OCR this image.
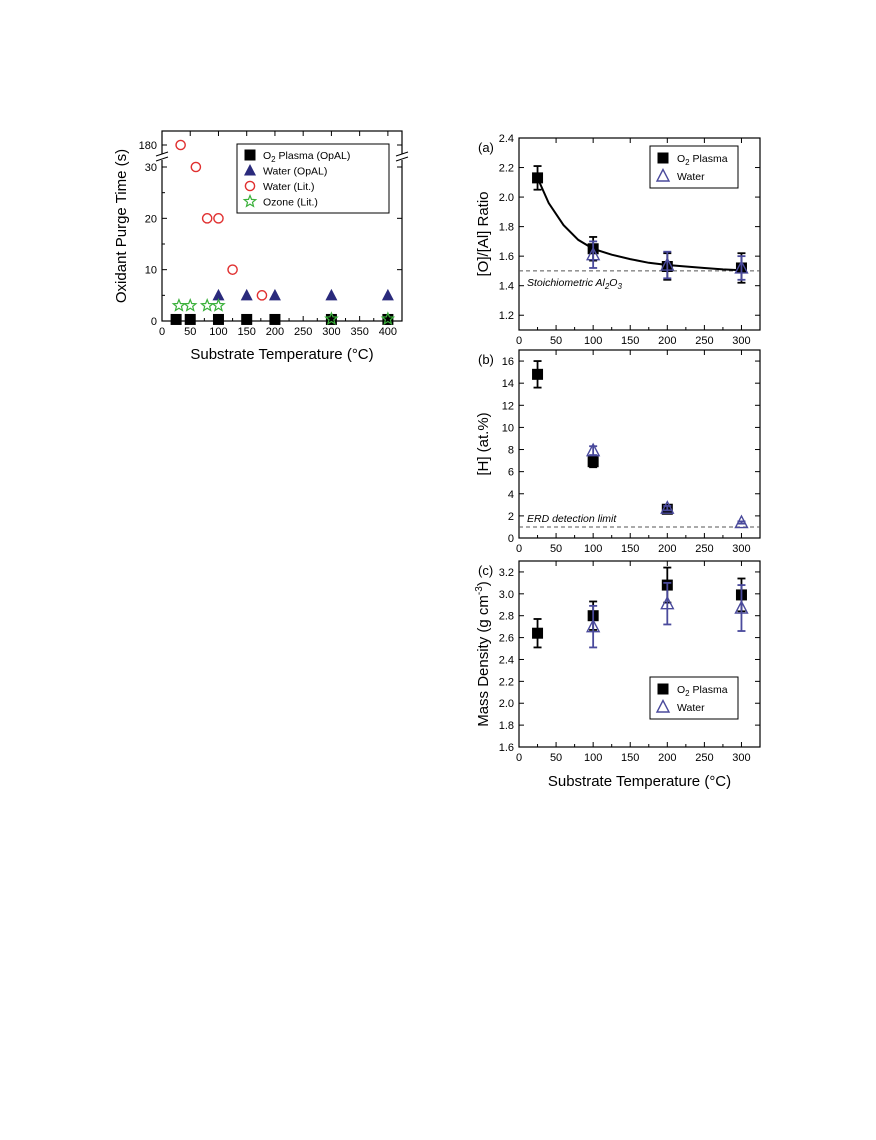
0 50 100 150 200 250 300 350 400
0
10
20
30
180
$O_2$ Plasma (OpAL)
Water (OpAL)
Water (Lit.)
Ozone (Lit.)
Substrate Temperature (°C)
Oxidant Purge Time (s)
0	50 100 150 200 250 300
1.2
1.4
1.6
1.8
2.0
2.2
2.4
(a)
Stoichiometric $Al_2O_3$
$O_2$ Plasma
Water
[O]/[Al] Ratio
0	50 100 150 200 250 300
0
2
4
6
8
10
12
14
16
(b)
ERD detection limit
[H] (at.%)
0	50 100 150 200 250 300
1.6
1.8
2.0
2.2
2.4
2.6
2.8
3.0
3.2
(c)
$O_2$ Plasma
Water
Mass Density (g $cm^{-3}$)
Substrate Temperature (°C)
